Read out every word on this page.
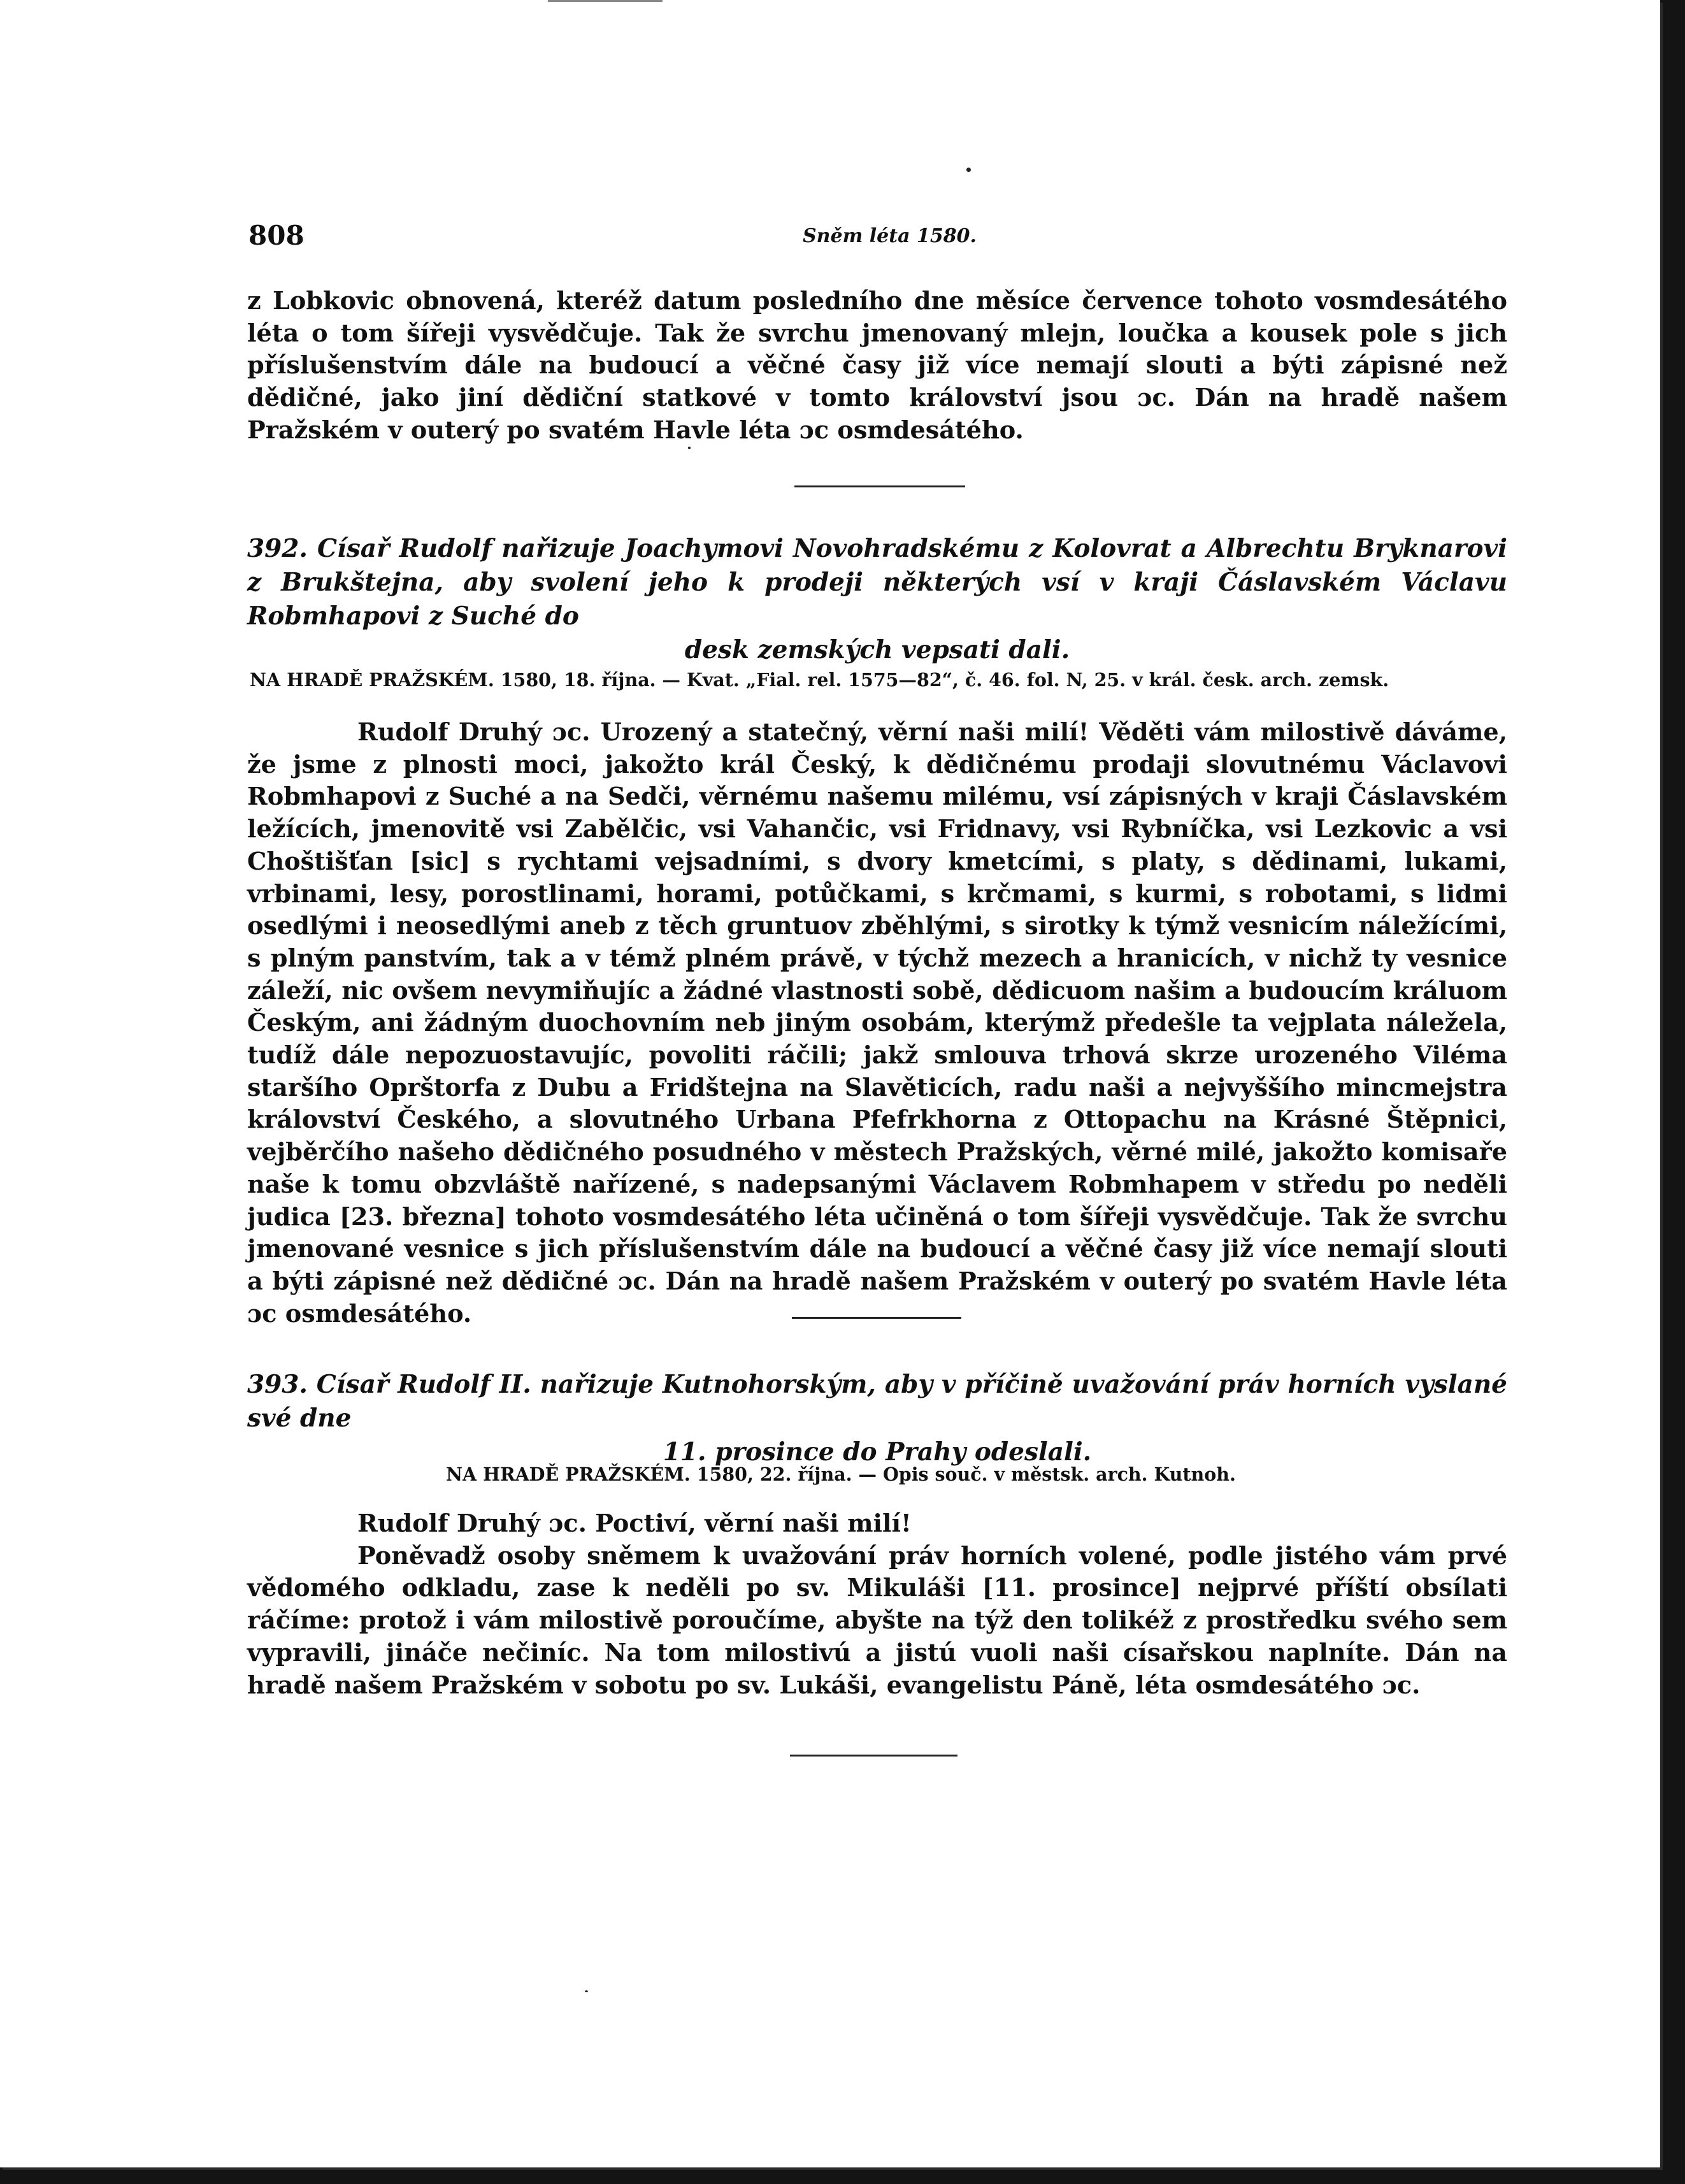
808	Sněm léta 1580.

z Lobkovic obnovená, kteréž datum posledního dne měsíce července tohoto vosmdesátého léta o tom šířeji vysvědčuje. Tak že svrchu jmenovaný mlejn, loučka a kousek pole s jich příslušenstvím dále na budoucí a věčné časy již více nemají slouti a býti zápisné než dědičné, jako jiní dědiční statkové v tomto království jsou ɔc. Dán na hradě našem Pražském v outerý po svatém Havle léta ɔc osmdesátého.

392. Císař Rudolf nařizuje Joachymovi Novohradskému z Kolovrat a Albrechtu Bryknarovi z Brukštejna, aby svolení jeho k prodeji některých vsí v kraji Čáslavském Václavu Robmhapovi z Suché do
desk zemských vepsati dali.
NA HRADĚ PRAŽSKÉM. 1580, 18. října. — Kvat. „Fial. rel. 1575—82“, č. 46. fol. N, 25. v král. česk. arch. zemsk.

Rudolf Druhý ɔc. Urozený a statečný, věrní naši milí! Věděti vám milostivě dáváme, že jsme z plnosti moci, jakožto král Český, k dědičnému prodaji slovutnému Václavovi Robmhapovi z Suché a na Sedči, věrnému našemu milému, vsí zápisných v kraji Čáslavském ležících, jmenovitě vsi Zabělčic, vsi Vahančic, vsi Fridnavy, vsi Rybníčka, vsi Lezkovic a vsi Choštišťan [sic] s rychtami vejsadními, s dvory kmetcími, s platy, s dědinami, lukami, vrbinami, lesy, porostlinami, horami, potůčkami, s krčmami, s kurmi, s robotami, s lidmi osedlými i neosedlými aneb z těch gruntuov zběhlými, s sirotky k týmž vesnicím náležícími, s plným panstvím, tak a v témž plném právě, v týchž mezech a hranicích, v nichž ty vesnice záleží, nic ovšem nevymiňujíc a žádné vlastnosti sobě, dědicuom našim a budoucím králuom Českým, ani žádným duochovním neb jiným osobám, kterýmž předešle ta vejplata náležela, tudíž dále nepozuostavujíc, povoliti ráčili; jakž smlouva trhová skrze urozeného Viléma staršího Oprštorfa z Dubu a Fridštejna na Slavěticích, radu naši a nejvyššího mincmejstra království Českého, a slovutného Urbana Pfefrkhorna z Ottopachu na Krásné Štěpnici, vejběrčího našeho dědičného posudného v městech Pražských, věrné milé, jakožto komisaře naše k tomu obzvláště nařízené, s nadepsanými Václavem Robmhapem v středu po neděli judica [23. března] tohoto vosmdesátého léta učiněná o tom šířeji vysvědčuje. Tak že svrchu jmenované vesnice s jich příslušenstvím dále na budoucí a věčné časy již více nemají slouti a býti zápisné než dědičné ɔc. Dán na hradě našem Pražském v outerý po svatém Havle léta ɔc osmdesátého.

393. Císař Rudolf II. nařizuje Kutnohorským, aby v příčině uvažování práv horních vyslané své dne
11. prosince do Prahy odeslali.
NA HRADĚ PRAŽSKÉM. 1580, 22. října. — Opis souč. v městsk. arch. Kutnoh.

Rudolf Druhý ɔc. Poctiví, věrní naši milí!

Poněvadž osoby sněmem k uvažování práv horních volené, podle jistého vám prvé vědomého odkladu, zase k neděli po sv. Mikuláši [11. prosince] nejprvé příští obsílati ráčíme: protož i vám milostivě poroučíme, abyšte na týž den tolikéž z prostředku svého sem vypravili, jináče nečiníc. Na tom milostivú a jistú vuoli naši císařskou naplníte. Dán na hradě našem Pražském v sobotu po sv. Lukáši, evangelistu Páně, léta osmdesátého ɔc.
